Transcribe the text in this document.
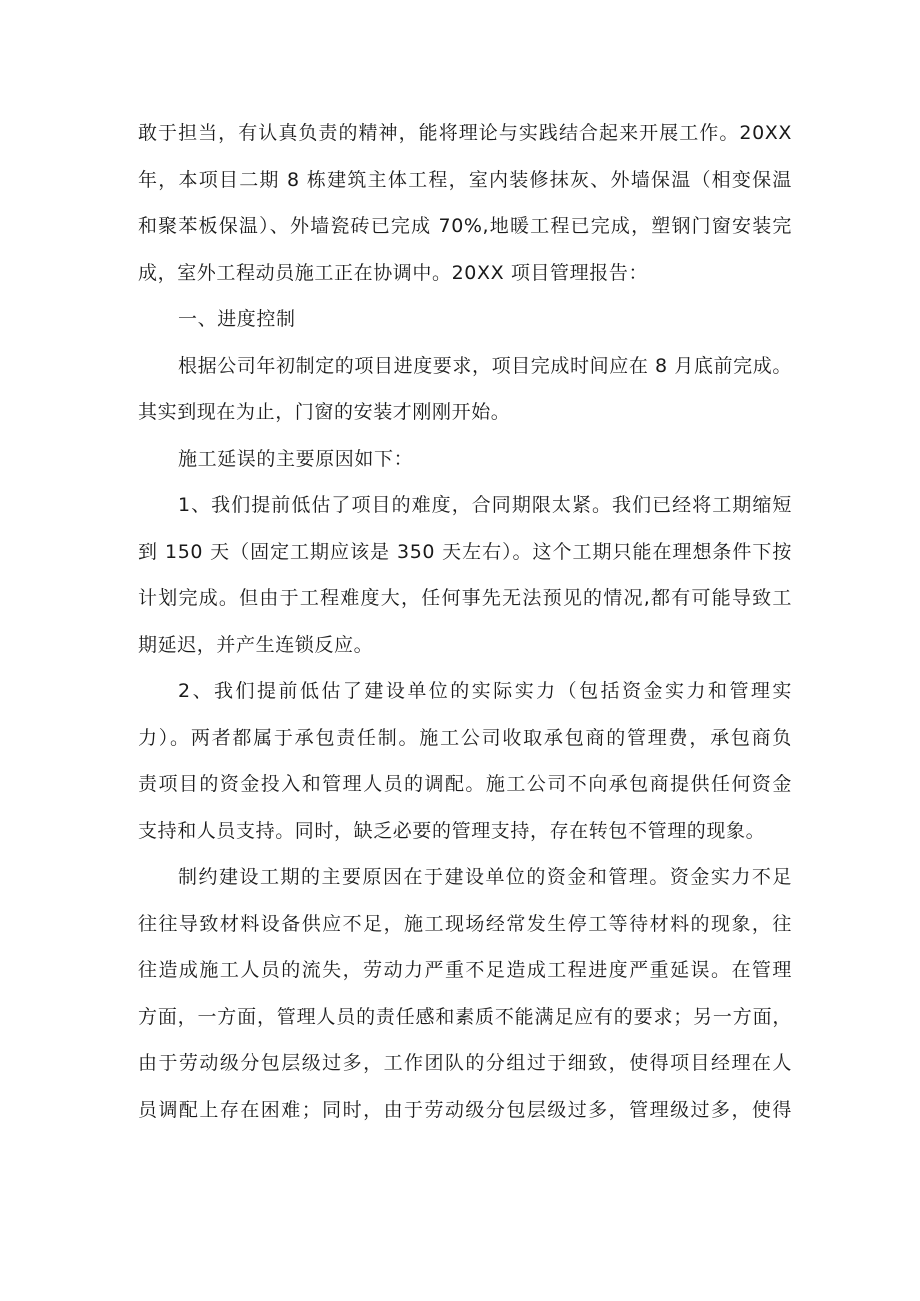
敢于担当，有认真负责的精神，能将理论与实践结合起来开展工作。20XX
年，本项目二期 8 栋建筑主体工程，室内装修抹灰、外墙保温（相变保温
和聚苯板保温）、外墙瓷砖已完成 70%,地暖工程已完成，塑钢门窗安装完
成，室外工程动员施工正在协调中。20XX 项目管理报告：
一、进度控制
根据公司年初制定的项目进度要求，项目完成时间应在 8 月底前完成。
其实到现在为止，门窗的安装才刚刚开始。
施工延误的主要原因如下：
1、我们提前低估了项目的难度，合同期限太紧。我们已经将工期缩短
到 150 天（固定工期应该是 350 天左右）。这个工期只能在理想条件下按
计划完成。但由于工程难度大，任何事先无法预见的情况,都有可能导致工
期延迟，并产生连锁反应。
2、我们提前低估了建设单位的实际实力（包括资金实力和管理实
力）。两者都属于承包责任制。施工公司收取承包商的管理费，承包商负
责项目的资金投入和管理人员的调配。施工公司不向承包商提供任何资金
支持和人员支持。同时，缺乏必要的管理支持，存在转包不管理的现象。
制约建设工期的主要原因在于建设单位的资金和管理。资金实力不足
往往导致材料设备供应不足，施工现场经常发生停工等待材料的现象，往
往造成施工人员的流失，劳动力严重不足造成工程进度严重延误。在管理
方面，一方面，管理人员的责任感和素质不能满足应有的要求；另一方面，
由于劳动级分包层级过多，工作团队的分组过于细致，使得项目经理在人
员调配上存在困难；同时，由于劳动级分包层级过多，管理级过多，使得
